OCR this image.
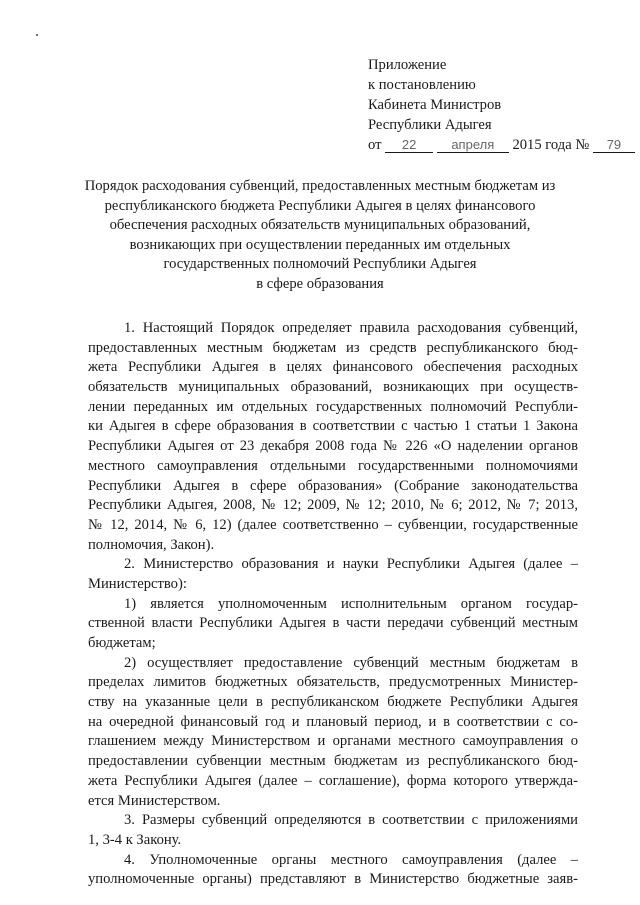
Приложение
к постановлению
Кабинета Министров
Республики Адыгея
от 22	апреля 2015 года № 79
Порядок расходования субвенций, предоставленных местным бюджетам из
республиканского бюджета Республики Адыгея в целях финансового
обеспечения расходных обязательств муниципальных образований,
возникающих при осуществлении переданных им отдельных
государственных полномочий Республики Адыгея
в сфере образования
1. Настоящий Порядок определяет правила расходования субвенций,
предоставленных местным бюджетам из средств республиканского бюд-
жета Республики Адыгея в целях финансового обеспечения расходных
обязательств муниципальных образований, возникающих при осуществ-
лении переданных им отдельных государственных полномочий Республи-
ки Адыгея в сфере образования в соответствии с частью 1 статьи 1 Закона
Республики Адыгея от 23 декабря 2008 года № 226 «О наделении органов
местного самоуправления отдельными государственными полномочиями
Республики Адыгея в сфере образования» (Собрание законодательства
Республики Адыгея, 2008, № 12; 2009, № 12; 2010, № 6; 2012, № 7; 2013,
№ 12, 2014, № 6, 12) (далее соответственно – субвенции, государственные
полномочия, Закон).
2. Министерство образования и науки Республики Адыгея (далее –
Министерство):
1) является уполномоченным исполнительным органом государ-
ственной власти Республики Адыгея в части передачи субвенций местным
бюджетам;
2) осуществляет предоставление субвенций местным бюджетам в
пределах лимитов бюджетных обязательств, предусмотренных Министер-
ству на указанные цели в республиканском бюджете Республики Адыгея
на очередной финансовый год и плановый период, и в соответствии с со-
глашением между Министерством и органами местного самоуправления о
предоставлении субвенции местным бюджетам из республиканского бюд-
жета Республики Адыгея (далее – соглашение), форма которого утвержда-
ется Министерством.
3. Размеры субвенций определяются в соответствии с приложениями
1, 3-4 к Закону.
4. Уполномоченные органы местного самоуправления (далее –
уполномоченные органы) представляют в Министерство бюджетные заяв-
